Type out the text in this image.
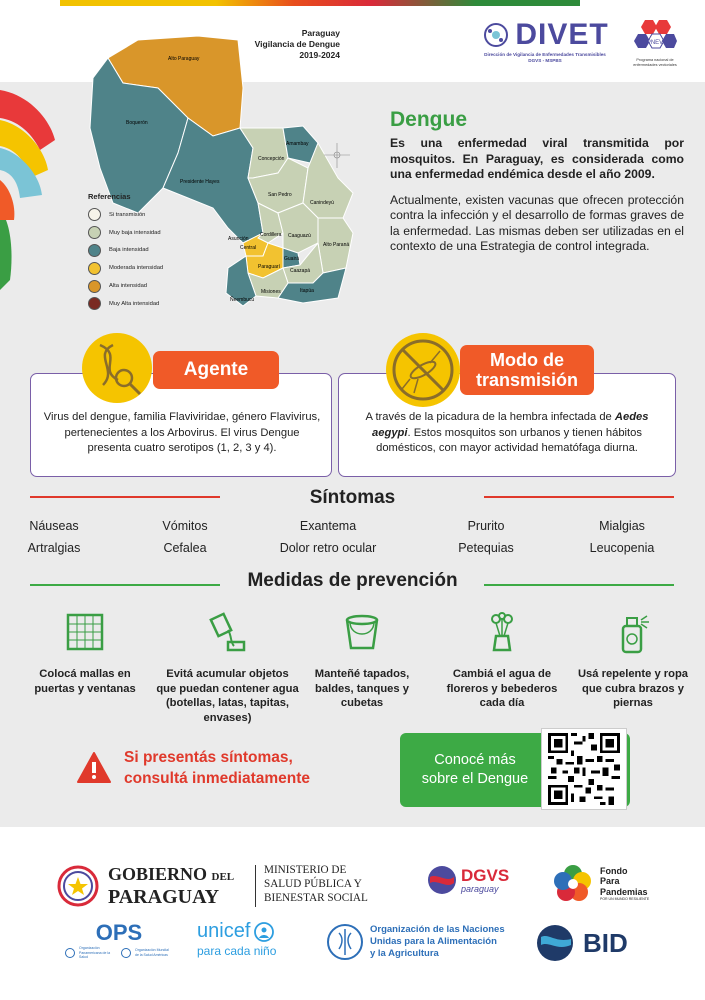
Paraguay
Vigilancia de Dengue
2019-2024
Alto Paraguay
Boquerón
Presidente Hayes
Concepción
Amambay
San Pedro
Canindeyú
Asunción
Central
Cordillera Caaguazú
Alto Paraná
Guairá
Paraguarí
Caazapá
Misiones	Itapúa
Ñeembucú
Referencias
Si transmisión
Muy baja intensidad
Baja intensidad
Moderada intensidad
Alta intensidad
Muy Alta intensidad
DIVET
Dirección de Vigilancia de Enfermedades Transmisibles
DGVS - MSPBS
PNEV
Programa nacional de enfermedades vectoriales
Dengue

Es una enfermedad viral transmitida por mosquitos. En Paraguay, es considerada como una enfermedad endémica desde el año 2009.

Actualmente, existen vacunas que ofrecen protección contra la infección y el desarrollo de formas graves de la enfermedad. Las mismas deben ser utilizadas en el contexto de una Estrategia de control integrada.

Agente
Virus del dengue, familia Flaviviridae, género Flavivirus, pertenecientes a los Arbovirus. El virus Dengue presenta cuatro serotipos (1, 2, 3 y 4).
Modo de
transmisión
A través de la picadura de la hembra infectada de Aedes aegypi. Estos mosquitos son urbanos y tienen hábitos domésticos, con mayor actividad hematófaga diurna.
Síntomas
Náuseas	Vómitos	Exantema	Prurito	Mialgias
Artralgias	Cefalea	Dolor retro ocular	Petequias	Leucopenia
Medidas de prevención
Colocá mallas en puertas y ventanas
Evitá acumular objetos que puedan contener agua (botellas, latas, tapitas, envases)
Manteñé tapados, baldes, tanques y cubetas
Cambiá el agua de floreros y bebederos cada día
Usá repelente y ropa que cubra brazos y piernas
Si presentás síntomas,
consultá inmediatamente
Conocé más
sobre el Dengue
GOBIERNO DEL
PARAGUAY
MINISTERIO DE
SALUD PÚBLICA Y
BIENESTAR SOCIAL
DGVS
paraguay
Fondo
Para
Pandemias
POR UN MUNDO RESILIENTE
OPS
Organización Panamericana de la Salud
Organización Mundial de la Salud Américas
unicef
para cada niño
Organización de las Naciones
Unidas para la Alimentación
y la Agricultura	BID
